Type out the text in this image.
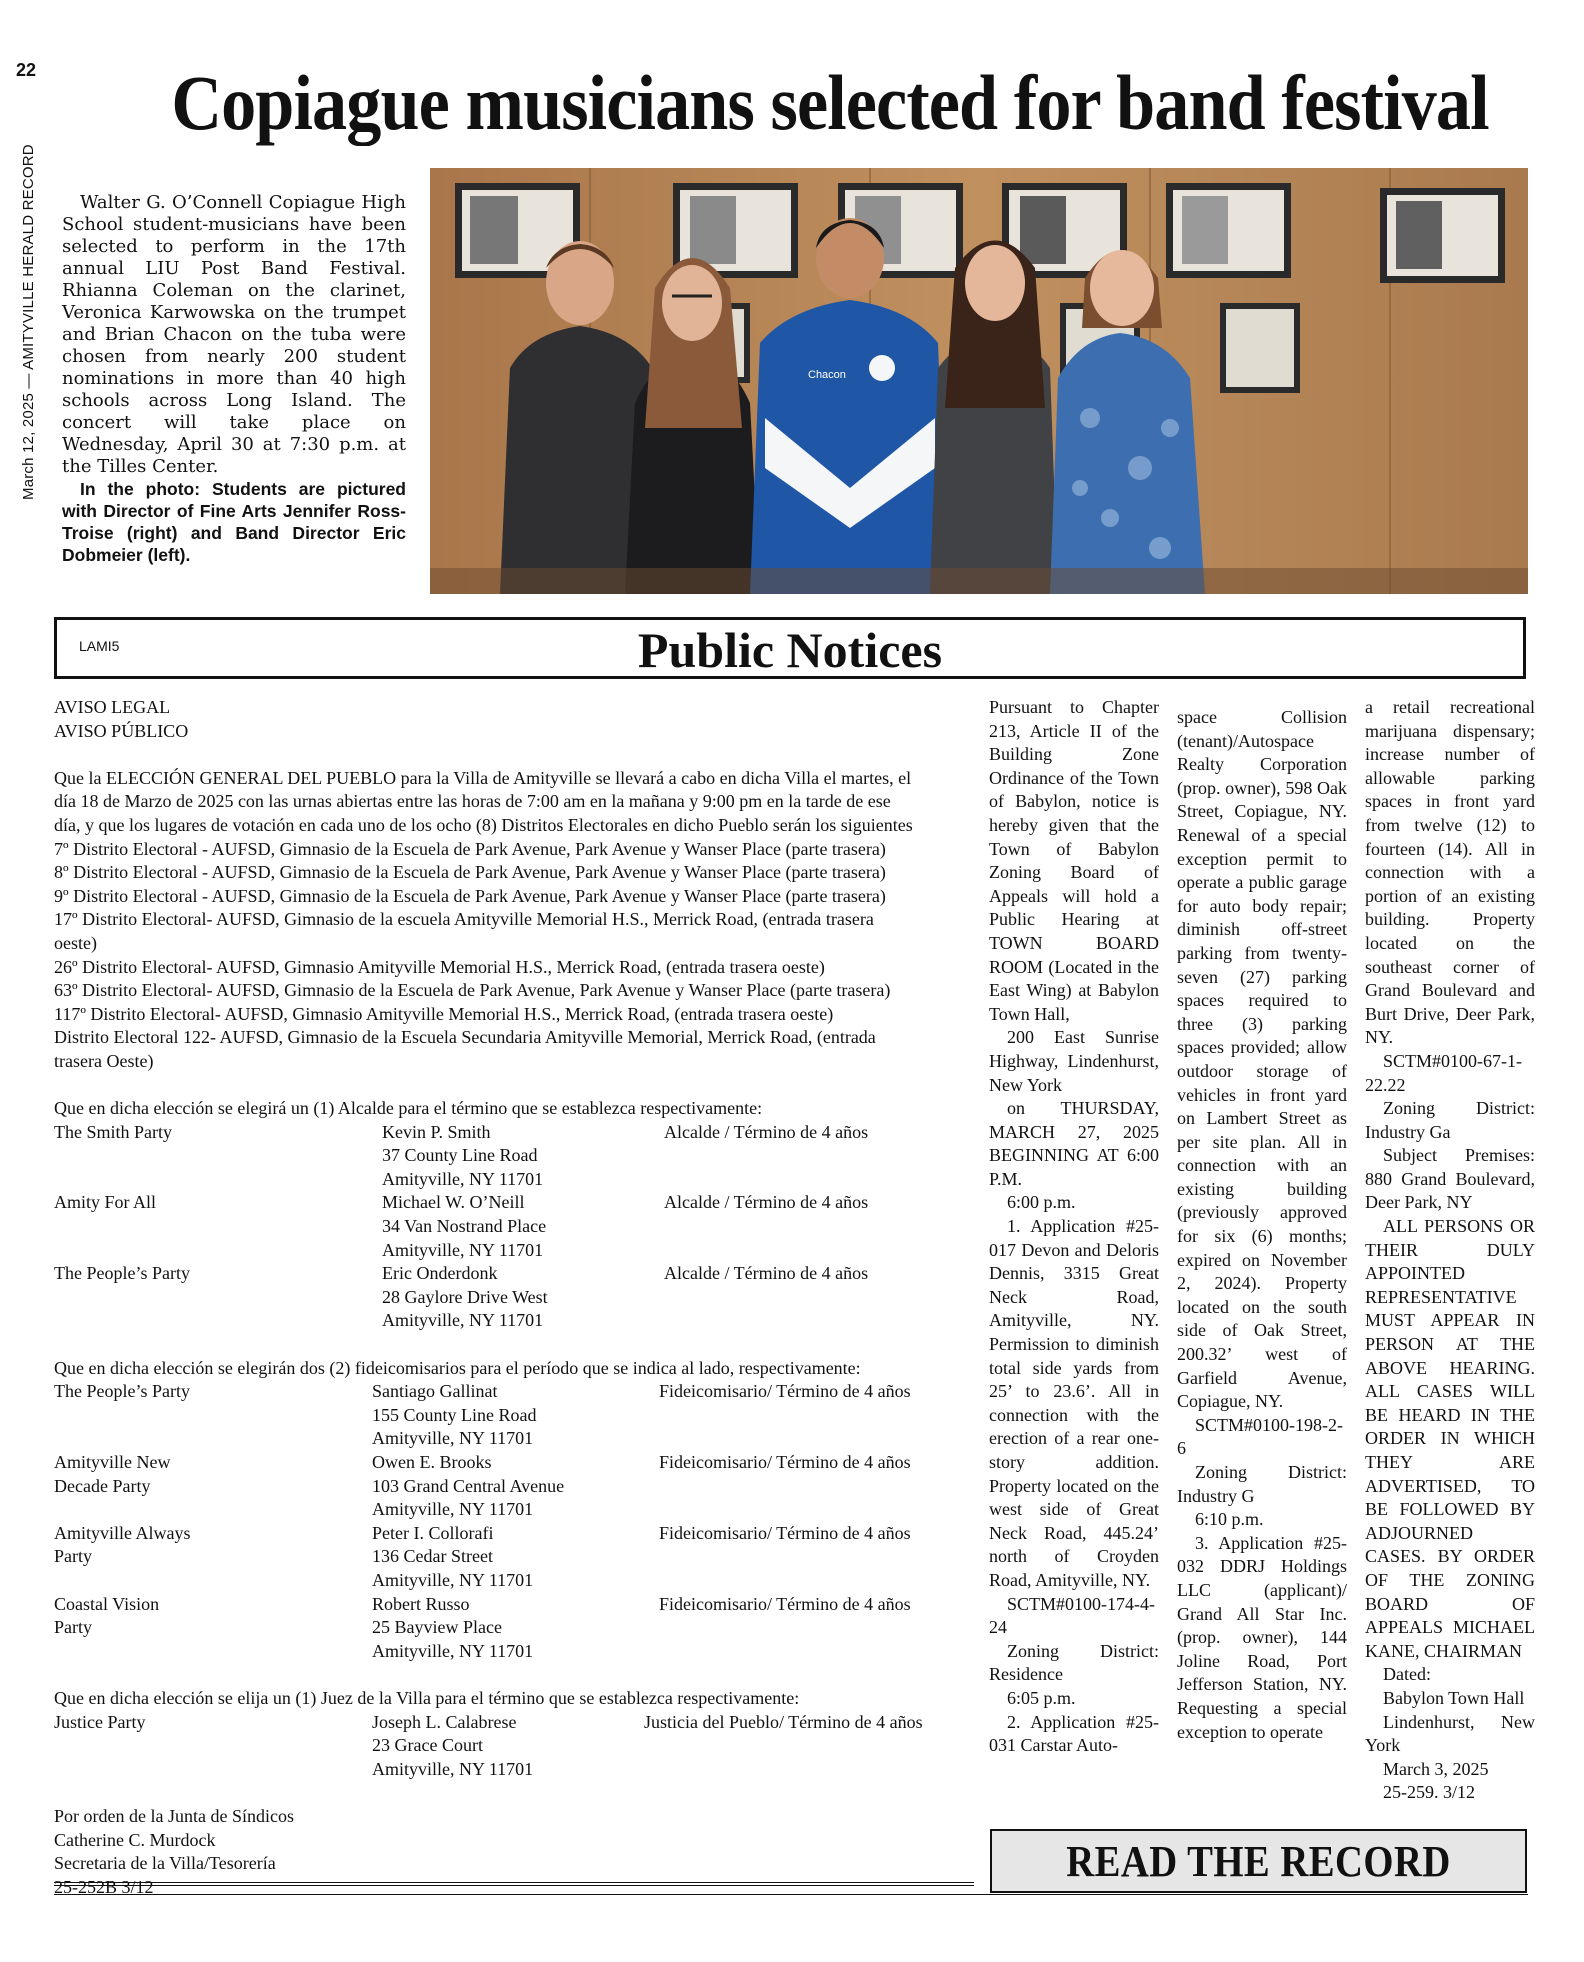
22
March 12, 2025 — AMITYVILLE HERALD RECORD
Copiague musicians selected for band festival

Walter G. O’Connell Copiague High School student-musicians have been selected to perform in the 17th annual LIU Post Band Festival. Rhianna Coleman on the clarinet, Veronica Karwowska on the trumpet and Brian Chacon on the tuba were chosen from nearly 200 student nominations in more than 40 high schools across Long Island. The concert will take place on Wednesday, April 30 at 7:30 p.m. at the Tilles Center.

In the photo: Students are pictured with Director of Fine Arts Jennifer Ross-Troise (right) and Band Director Eric Dobmeier (left).

Chacon
LAMI5	Public Notices
AVISO LEGAL
AVISO PÚBLICO
Que la ELECCIÓN GENERAL DEL PUEBLO para la Villa de Amityville se llevará a cabo en dicha Villa el martes, el
día 18 de Marzo de 2025 con las urnas abiertas entre las horas de 7:00 am en la mañana y 9:00 pm en la tarde de ese
día, y que los lugares de votación en cada uno de los ocho (8) Distritos Electorales en dicho Pueblo serán los siguientes
7º Distrito Electoral - AUFSD, Gimnasio de la Escuela de Park Avenue, Park Avenue y Wanser Place (parte trasera)
8º Distrito Electoral - AUFSD, Gimnasio de la Escuela de Park Avenue, Park Avenue y Wanser Place (parte trasera)
9º Distrito Electoral - AUFSD, Gimnasio de la Escuela de Park Avenue, Park Avenue y Wanser Place (parte trasera)
17º Distrito Electoral- AUFSD, Gimnasio de la escuela Amityville Memorial H.S., Merrick Road, (entrada trasera
oeste)
26º Distrito Electoral- AUFSD, Gimnasio Amityville Memorial H.S., Merrick Road, (entrada trasera oeste)
63º Distrito Electoral- AUFSD, Gimnasio de la Escuela de Park Avenue, Park Avenue y Wanser Place (parte trasera)
117º Distrito Electoral- AUFSD, Gimnasio Amityville Memorial H.S., Merrick Road, (entrada trasera oeste)
Distrito Electoral 122- AUFSD, Gimnasio de la Escuela Secundaria Amityville Memorial, Merrick Road, (entrada
trasera Oeste)
Que en dicha elección se elegirá un (1) Alcalde para el término que se establezca respectivamente:
The Smith Party	Kevin P. Smith	Alcalde / Término de 4 años
37 County Line Road
Amityville, NY 11701
Amity For All	Michael W. O’Neill	Alcalde / Término de 4 años
34 Van Nostrand Place
Amityville, NY 11701
The People’s Party	Eric Onderdonk	Alcalde / Término de 4 años
28 Gaylore Drive West
Amityville, NY 11701
Que en dicha elección se elegirán dos (2) fideicomisarios para el período que se indica al lado, respectivamente:
The People’s Party	Santiago Gallinat	Fideicomisario/ Término de 4 años
155 County Line Road
Amityville, NY 11701
Amityville New	Owen E. Brooks	Fideicomisario/ Término de 4 años
Decade Party	103 Grand Central Avenue
Amityville, NY 11701
Amityville Always	Peter I. Collorafi	Fideicomisario/ Término de 4 años
Party	136 Cedar Street
Amityville, NY 11701
Coastal Vision	Robert Russo	Fideicomisario/ Término de 4 años
Party	25 Bayview Place
Amityville, NY 11701
Que en dicha elección se elija un (1) Juez de la Villa para el término que se establezca respectivamente:
Justice Party	Joseph L. Calabrese	Justicia del Pueblo/ Término de 4 años
23 Grace Court
Amityville, NY 11701
Por orden de la Junta de Síndicos
Catherine C. Murdock
Secretaria de la Villa/Tesorería
25-252B 3/12

Pursuant to Chapter 213, Article II of the Building Zone Ordinance of the Town of Babylon, notice is hereby given that the Town of Babylon Zoning Board of Appeals will hold a Public Hearing at TOWN BOARD ROOM (Located in the East Wing) at Babylon Town Hall,

200 East Sunrise Highway, Lindenhurst, New York

on THURSDAY, MARCH 27, 2025 BEGINNING AT 6:00 P.M.

6:00 p.m.

1. Application #25-017 Devon and Deloris Dennis, 3315 Great Neck Road, Amityville, NY. Permission to diminish total side yards from 25’ to 23.6’. All in connection with the erection of a rear one-story addition. Property located on the west side of Great Neck Road, 445.24’ north of Croyden Road, Amityville, NY.

SCTM#0100-174-4-24

Zoning District: Residence

6:05 p.m.

2. Application #25-031 Carstar Auto-

space Collision (tenant)/Autospace Realty Corporation (prop. owner), 598 Oak Street, Copiague, NY. Renewal of a special exception permit to operate a public garage for auto body repair; diminish off-street parking from twenty-seven (27) parking spaces required to three (3) parking spaces provided; allow outdoor storage of vehicles in front yard on Lambert Street as per site plan. All in connection with an existing building (previously approved for six (6) months; expired on November 2, 2024). Property located on the south side of Oak Street, 200.32’ west of Garfield Avenue, Copiague, NY.

SCTM#0100-198-2-6

Zoning District: Industry G

6:10 p.m.

3. Application #25-032 DDRJ Holdings LLC (applicant)/ Grand All Star Inc. (prop. owner), 144 Joline Road, Port Jefferson Station, NY. Requesting a special exception to operate

a retail recreational marijuana dispensary; increase number of allowable parking spaces in front yard from twelve (12) to fourteen (14). All in connection with a portion of an existing building. Property located on the southeast corner of Grand Boulevard and Burt Drive, Deer Park, NY.

SCTM#0100-67-1-22.22

Zoning District: Industry Ga

Subject Premises: 880 Grand Boulevard, Deer Park, NY

ALL PERSONS OR THEIR DULY APPOINTED REPRESENTATIVE MUST APPEAR IN PERSON AT THE ABOVE HEARING. ALL CASES WILL BE HEARD IN THE ORDER IN WHICH THEY ARE ADVERTISED, TO BE FOLLOWED BY ADJOURNED CASES. BY ORDER OF THE ZONING BOARD OF APPEALS MICHAEL KANE, CHAIRMAN

Dated:

Babylon Town Hall

Lindenhurst, New York

March 3, 2025

25-259. 3/12

READ THE RECORD
